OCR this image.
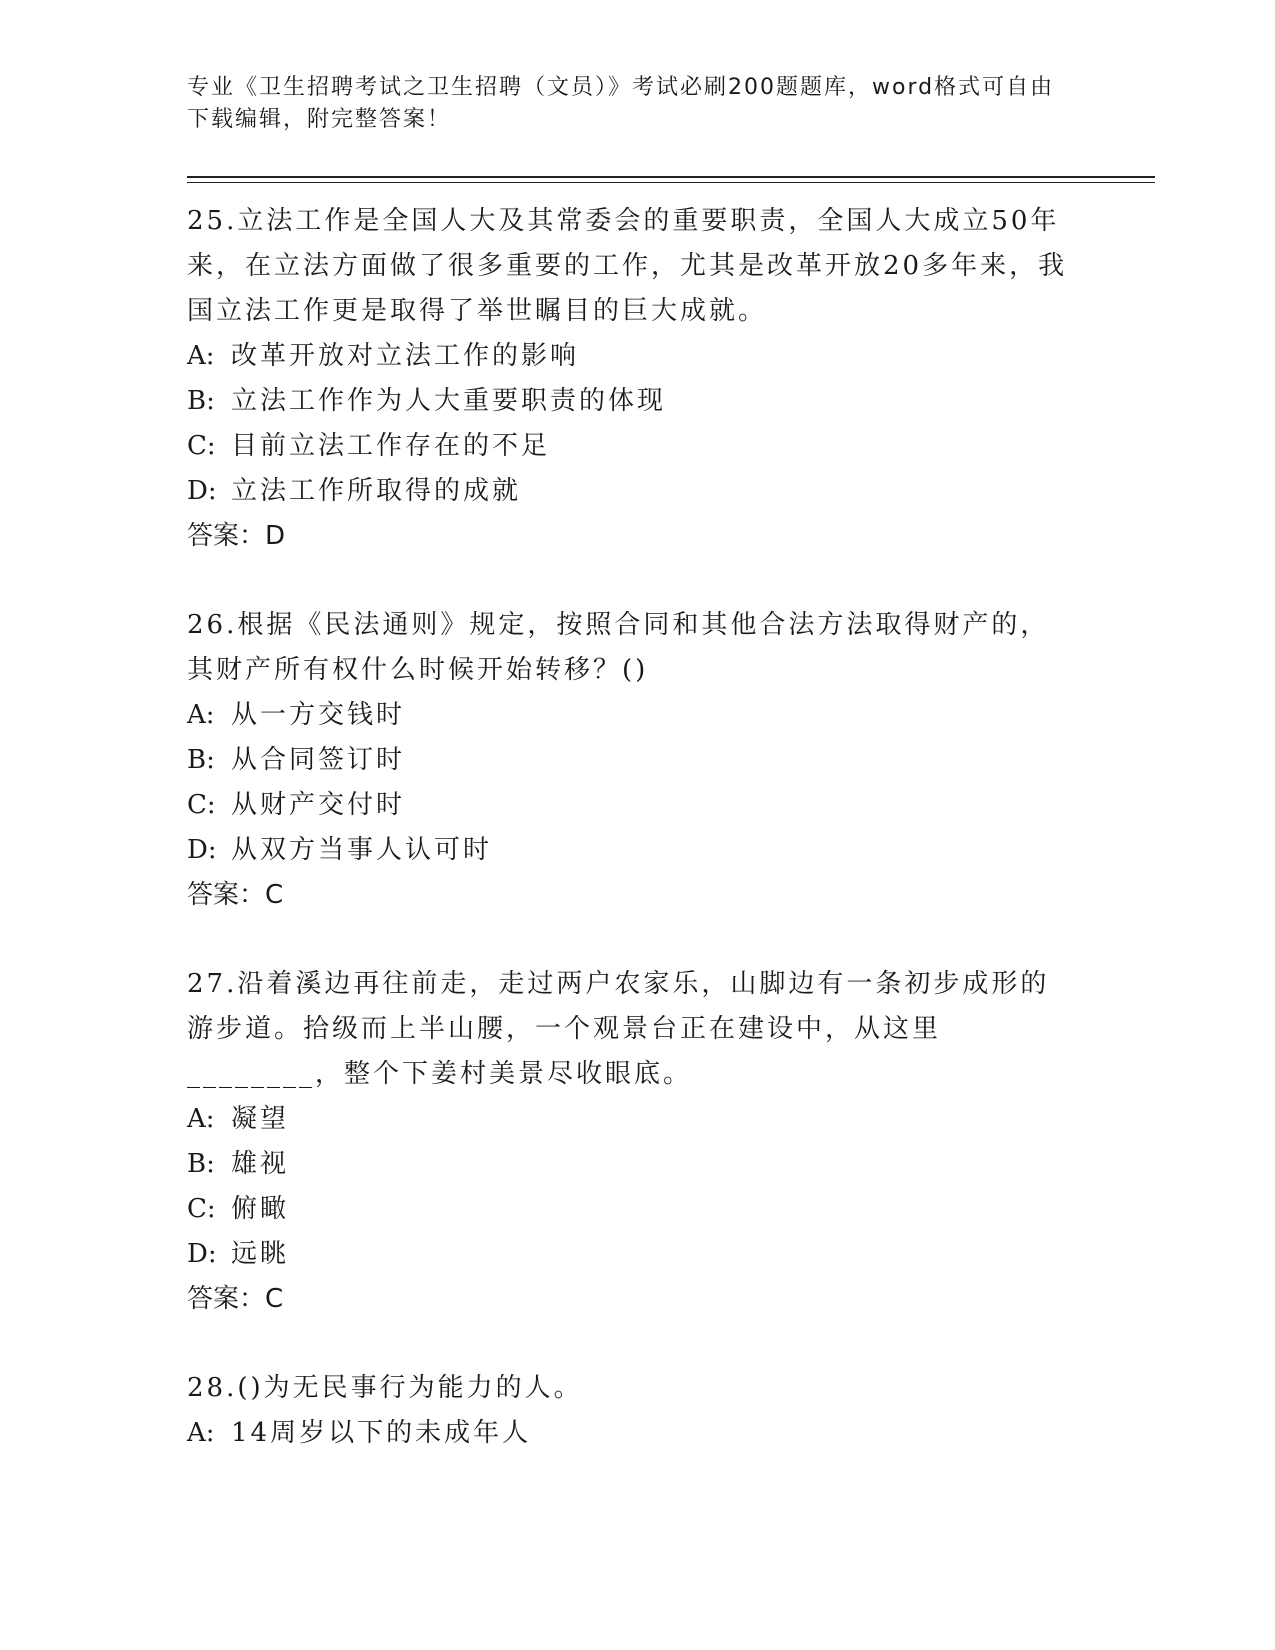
专业《卫生招聘考试之卫生招聘（文员）》考试必刷200题题库，word格式可自由下载编辑，附完整答案！
25.立法工作是全国人大及其常委会的重要职责，全国人大成立50年来，在立法方面做了很多重要的工作，尤其是改革开放20多年来，我国立法工作更是取得了举世瞩目的巨大成就。
A: 改革开放对立法工作的影响
B: 立法工作作为人大重要职责的体现
C: 目前立法工作存在的不足
D: 立法工作所取得的成就
答案：D
26.根据《民法通则》规定，按照合同和其他合法方法取得财产的，其财产所有权什么时候开始转移？()
A: 从一方交钱时
B: 从合同签订时
C: 从财产交付时
D: 从双方当事人认可时
答案：C
27.沿着溪边再往前走，走过两户农家乐，山脚边有一条初步成形的游步道。拾级而上半山腰，一个观景台正在建设中，从这里________，整个下姜村美景尽收眼底。
A: 凝望
B: 雄视
C: 俯瞰
D: 远眺
答案：C
28.()为无民事行为能力的人。
A: 14周岁以下的未成年人
